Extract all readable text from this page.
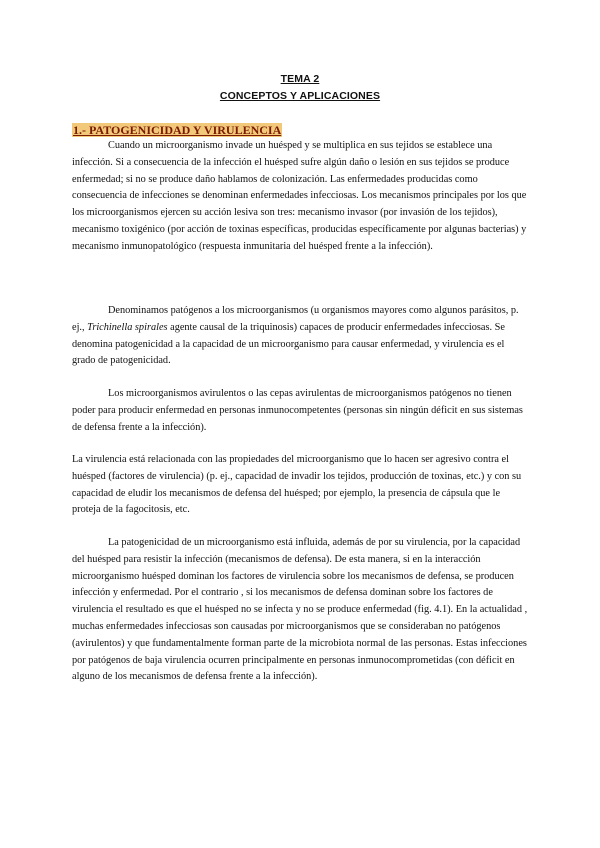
TEMA 2
CONCEPTOS Y APLICACIONES
1.- PATOGENICIDAD Y VIRULENCIA

Cuando un microorganismo invade un huésped y se multiplica en sus tejidos se establece una infección. Si a consecuencia de la infección el huésped sufre algún daño o lesión en sus tejidos se produce enfermedad; si no se produce daño hablamos de colonización. Las enfermedades producidas como consecuencia de infecciones se denominan enfermedades infecciosas. Los mecanismos principales por los que los microorganismos ejercen su acción lesiva son tres: mecanismo invasor (por invasión de los tejidos), mecanismo toxigénico (por acción de toxinas específicas, producidas específicamente por algunas bacterias) y mecanismo inmunopatológico (respuesta inmunitaria del huésped frente a la infección).

Denominamos patógenos a los microorganismos (u organismos mayores como algunos parásitos, p. ej., Trichinella spirales agente causal de la triquinosis) capaces de producir enfermedades infecciosas. Se denomina patogenicidad a la capacidad de un microorganismo para causar enfermedad, y virulencia es el grado de patogenicidad.

Los microorganismos avirulentos o las cepas avirulentas de microorganismos patógenos no tienen poder para producir enfermedad en personas inmunocompetentes (personas sin ningún déficit en sus sistemas de defensa frente a la infección).

La virulencia está relacionada con las propiedades del microorganismo que lo hacen ser agresivo contra el huésped (factores de virulencia) (p. ej., capacidad de invadir los tejidos, producción de toxinas, etc.) y con su capacidad de eludir los mecanismos de defensa del huésped; por ejemplo, la presencia de cápsula que le proteja de la fagocitosis, etc.

La patogenicidad de un microorganismo está influida, además de por su virulencia, por la capacidad del huésped para resistir la infección (mecanismos de defensa). De esta manera, si en la interacción microorganismo huésped dominan los factores de virulencia sobre los mecanismos de defensa, se producen infección y enfermedad. Por el contrario , si los mecanismos de defensa dominan sobre los factores de virulencia el resultado es que el huésped no se infecta y no se produce enfermedad (fig. 4.1). En la actualidad , muchas enfermedades infecciosas son causadas por microorganismos que se consideraban no patógenos (avirulentos) y que fundamentalmente forman parte de la microbiota normal de las personas. Estas infecciones por patógenos de baja virulencia ocurren principalmente en personas inmunocomprometidas (con déficit en alguno de los mecanismos de defensa frente a la infección).
